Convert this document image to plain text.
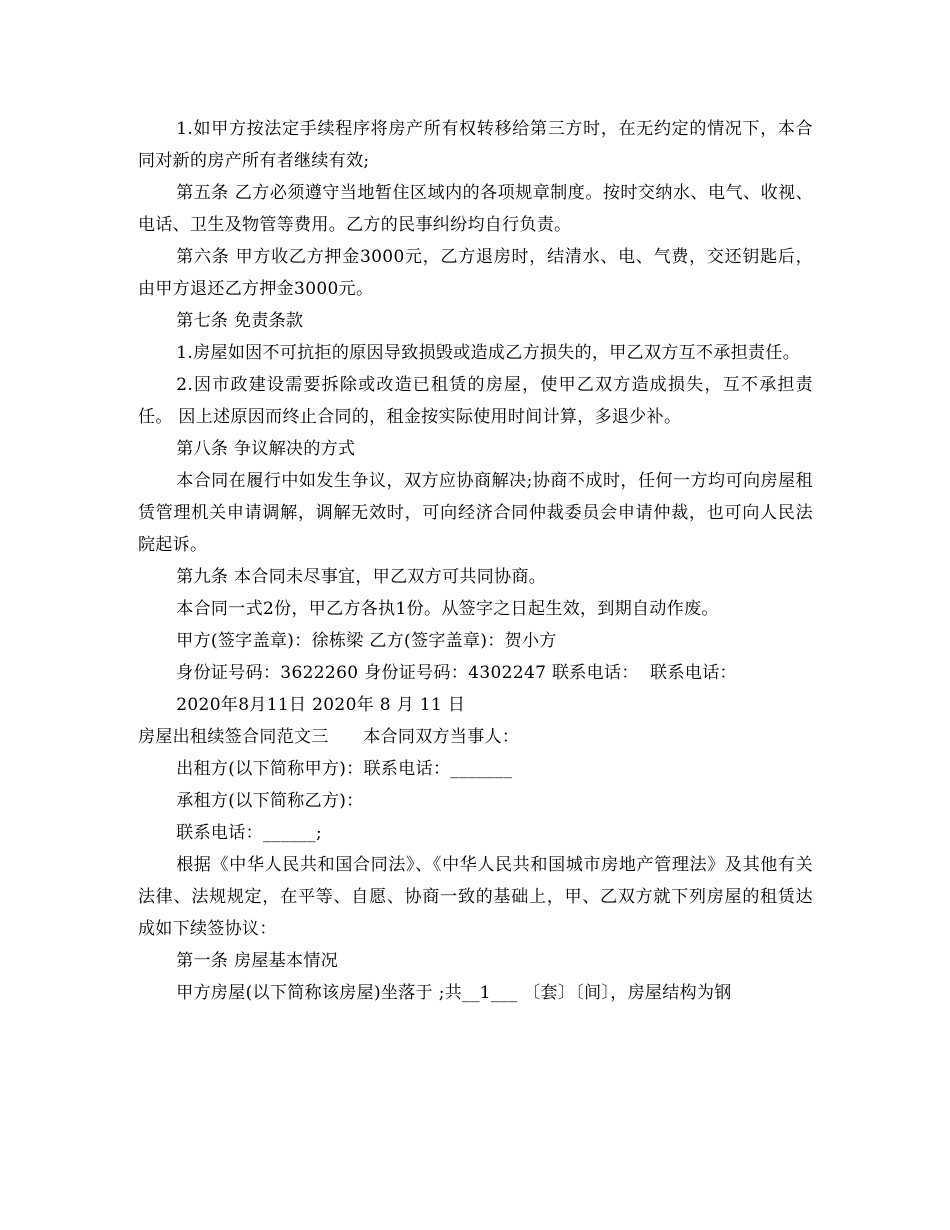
1.如甲方按法定手续程序将房产所有权转移给第三方时，在无约定的情况下，本合同对新的房产所有者继续有效;

第五条 乙方必须遵守当地暂住区域内的各项规章制度。按时交纳水、电气、收视、电话、卫生及物管等费用。乙方的民事纠纷均自行负责。

第六条 甲方收乙方押金3000元，乙方退房时，结清水、电、气费，交还钥匙后，由甲方退还乙方押金3000元。

第七条 免责条款

1.房屋如因不可抗拒的原因导致损毁或造成乙方损失的，甲乙双方互不承担责任。

2.因市政建设需要拆除或改造已租赁的房屋，使甲乙双方造成损失，互不承担责任。 因上述原因而终止合同的，租金按实际使用时间计算，多退少补。

第八条 争议解决的方式

本合同在履行中如发生争议，双方应协商解决;协商不成时，任何一方均可向房屋租赁管理机关申请调解，调解无效时，可向经济合同仲裁委员会申请仲裁，也可向人民法院起诉。

第九条 本合同未尽事宜，甲乙双方可共同协商。

本合同一式2份，甲乙方各执1份。从签字之日起生效，到期自动作废。

甲方(签字盖章)：徐栋梁 乙方(签字盖章)：贺小方

身份证号码：3622260 身份证号码：4302247 联系电话：  联系电话：

2020年8月11日 2020年 8 月 11 日

房屋出租续签合同范文三      本合同双方当事人：

出租方(以下简称甲方)：联系电话：_______

承租方(以下简称乙方)：

联系电话：______;

根据《中华人民共和国合同法》、《中华人民共和国城市房地产管理法》及其他有关法律、法规规定，在平等、自愿、协商一致的基础上，甲、乙双方就下列房屋的租赁达成如下续签协议：

第一条 房屋基本情况

甲方房屋(以下简称该房屋)坐落于 ;共__1___ 〔套〕〔间〕，房屋结构为钢
